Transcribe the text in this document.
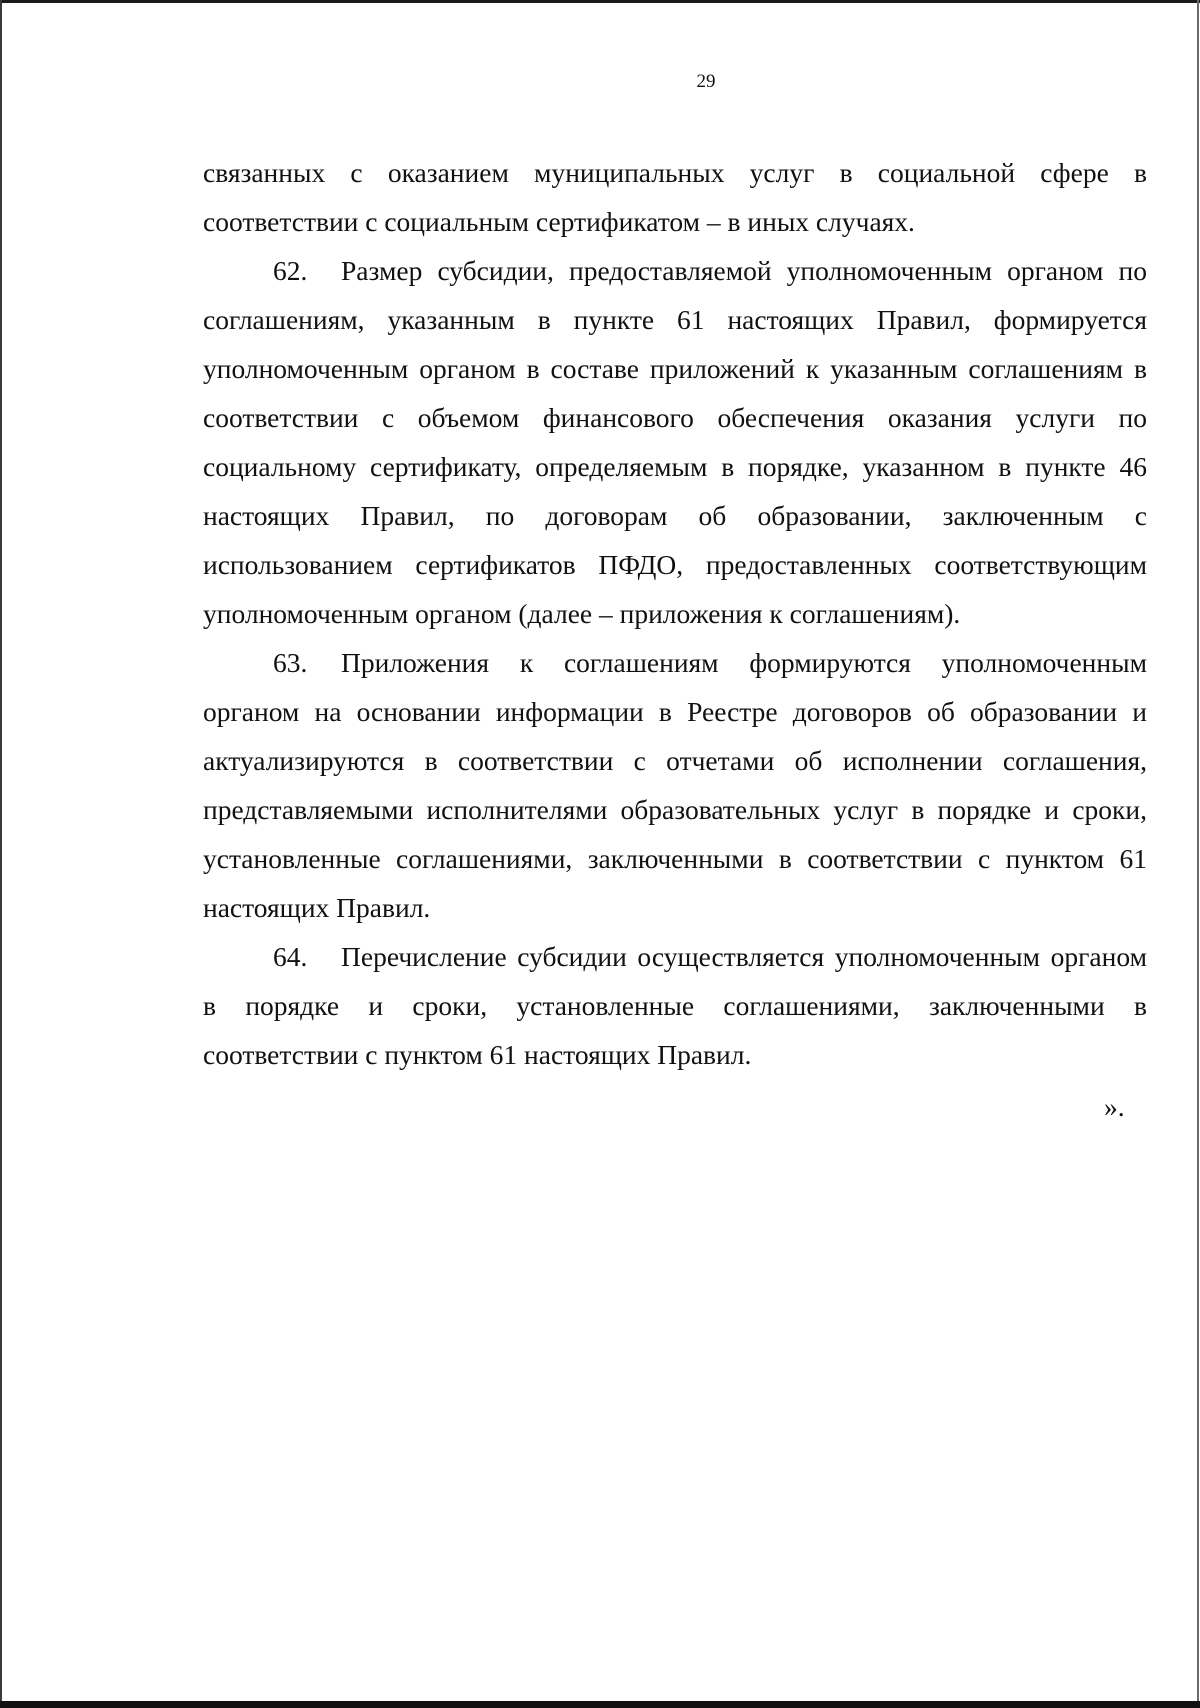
29

связанных с оказанием муниципальных услуг в социальной сфере в соответствии с социальным сертификатом – в иных случаях.

62. Размер субсидии, предоставляемой уполномоченным органом по соглашениям, указанным в пункте 61 настоящих Правил, формируется уполномоченным органом в составе приложений к указанным соглашениям в соответствии с объемом финансового обеспечения оказания услуги по социальному сертификату, определяемым в порядке, указанном в пункте 46 настоящих Правил, по договорам об образовании, заключенным с использованием сертификатов ПФДО, предоставленных соответствующим уполномоченным органом (далее – приложения к соглашениям).

63. Приложения к соглашениям формируются уполномоченным органом на основании информации в Реестре договоров об образовании и актуализируются в соответствии с отчетами об исполнении соглашения, представляемыми исполнителями образовательных услуг в порядке и сроки, установленные соглашениями, заключенными в соответствии с пунктом 61 настоящих Правил.

64. Перечисление субсидии осуществляется уполномоченным органом в порядке и сроки, установленные соглашениями, заключенными в соответствии с пунктом 61 настоящих Правил.

».
